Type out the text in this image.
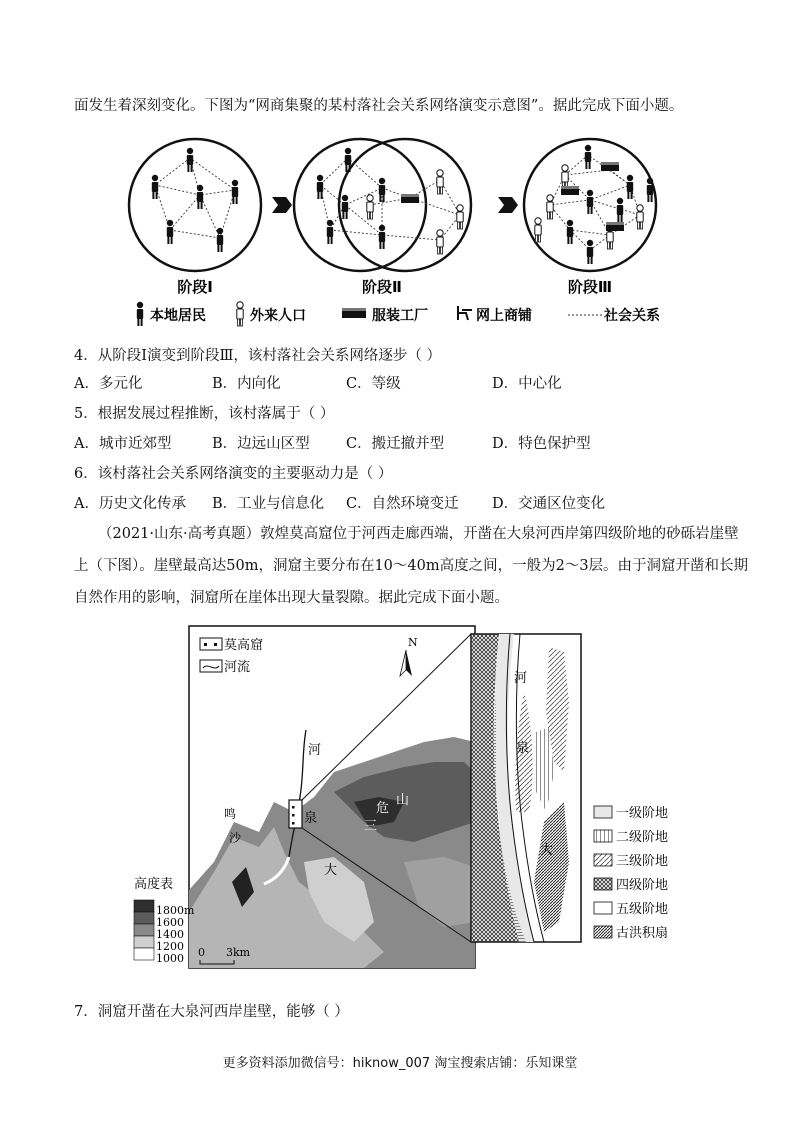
面发生着深刻变化。下图为“网商集聚的某村落社会关系网络演变示意图”。据此完成下面小题。
阶段Ⅰ	阶段Ⅱ	阶段Ⅲ
本地居民	外来人口	服装工厂	网上商铺	社会关系
4．从阶段Ⅰ演变到阶段Ⅲ，该村落社会关系网络逐步（ ）
A．多元化	B．内向化	C．等级	D．中心化
5．根据发展过程推断，该村落属于（ ）
A．城市近郊型	B．边远山区型	C．搬迁撤并型	D．特色保护型
6．该村落社会关系网络演变的主要驱动力是（ ）
A．历史文化传承 B．工业与信息化 C．自然环境变迁 D．交通区位变化
（2021·山东·高考真题）敦煌莫高窟位于河西走廊西端，开凿在大泉河西岸第四级阶地的砂砾岩崖壁
上（下图）。崖壁最高达50m，洞窟主要分布在10～40m高度之间，一般为2～3层。由于洞窟开凿和长期
自然作用的影响，洞窟所在崖体出现大量裂隙。据此完成下面小题。
河
鸣
沙
泉
三
危
山
大
莫高窟
河流
N
高度表
1800m
1600
1400
1200
1000 0 3km
河
泉
大
一级阶地
二级阶地
三级阶地
四级阶地
五级阶地
古洪积扇
7．洞窟开凿在大泉河西岸崖壁，能够（ ）
更多资料添加微信号：hiknow_007 淘宝搜索店铺：乐知课堂
